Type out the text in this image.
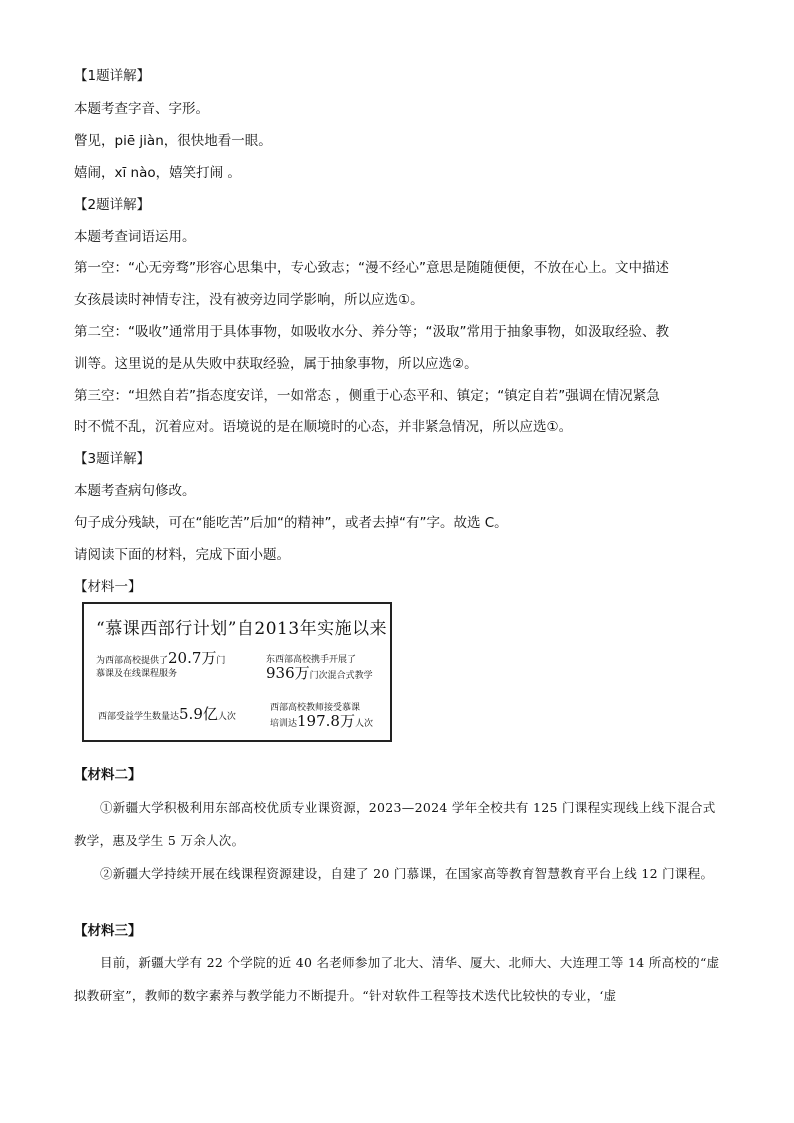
【1题详解】
本题考查字音、字形。
瞥见，piē jiàn，很快地看一眼。
嬉闹，xī nào，嬉笑打闹 。
【2题详解】
本题考查词语运用。
第一空：“心无旁骛”形容心思集中，专心致志；“漫不经心”意思是随随便便，不放在心上。文中描述
女孩晨读时神情专注，没有被旁边同学影响，所以应选①。
第二空：“吸收”通常用于具体事物，如吸收水分、养分等；“汲取”常用于抽象事物，如汲取经验、教
训等。这里说的是从失败中获取经验，属于抽象事物，所以应选②。
第三空：“坦然自若”指态度安详，一如常态 ，侧重于心态平和、镇定；“镇定自若”强调在情况紧急
时不慌不乱，沉着应对。语境说的是在顺境时的心态，并非紧急情况，所以应选①。
【3题详解】
本题考查病句修改。
句子成分残缺，可在“能吃苦”后加“的精神”，或者去掉“有”字。故选 C。
请阅读下面的材料，完成下面小题。
【材料一】
“慕课西部行计划”自2013年实施以来
为西部高校提供了20.7万门
慕课及在线课程服务
东西部高校携手开展了
936万门次混合式教学
西部受益学生数量达5.9亿人次
西部高校教师接受慕课
培训达197.8万人次
【材料二】
①新疆大学积极利用东部高校优质专业课资源，2023—2024 学年全校共有 125 门课程实现线上线下混合式教学，惠及学生 5 万余人次。
②新疆大学持续开展在线课程资源建设，自建了 20 门慕课，在国家高等教育智慧教育平台上线 12 门课程。
【材料三】
目前，新疆大学有 22 个学院的近 40 名老师参加了北大、清华、厦大、北师大、大连理工等 14 所高校的“虚拟教研室”，教师的数字素养与教学能力不断提升。“针对软件工程等技术迭代比较快的专业，‘虚
